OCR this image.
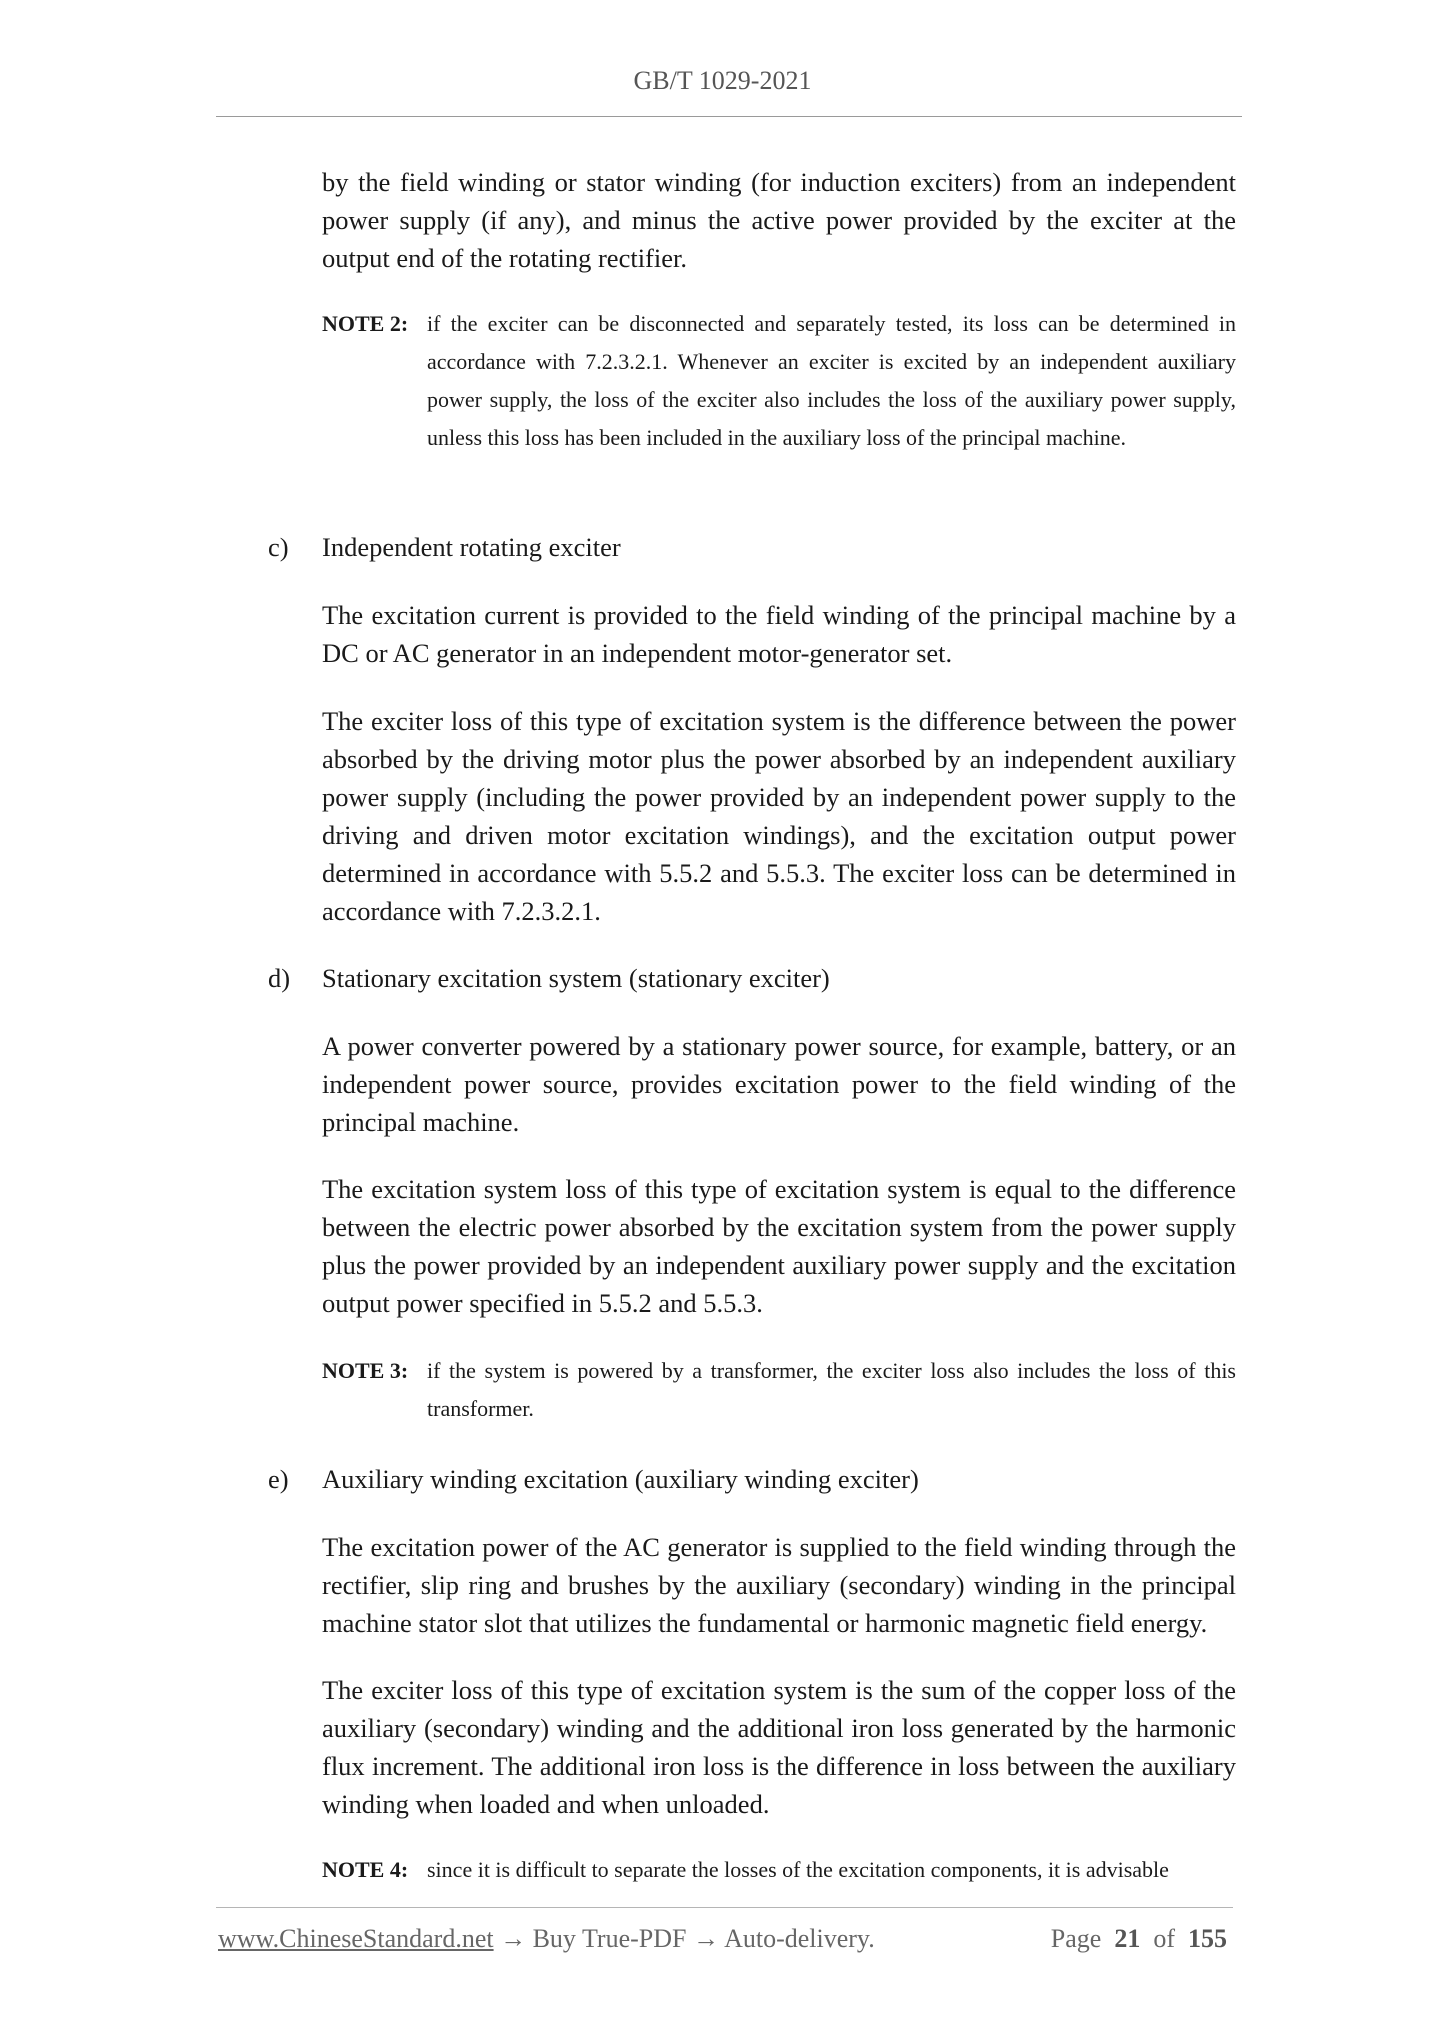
GB/T 1029-2021

by the field winding or stator winding (for induction exciters) from an independent power supply (if any), and minus the active power provided by the exciter at the output end of the rotating rectifier.

NOTE 2: if the exciter can be disconnected and separately tested, its loss can be determined in accordance with 7.2.3.2.1. Whenever an exciter is excited by an independent auxiliary power supply, the loss of the exciter also includes the loss of the auxiliary power supply, unless this loss has been included in the auxiliary loss of the principal machine.

c) Independent rotating exciter

The excitation current is provided to the field winding of the principal machine by a DC or AC generator in an independent motor-generator set.

The exciter loss of this type of excitation system is the difference between the power absorbed by the driving motor plus the power absorbed by an independent auxiliary power supply (including the power provided by an independent power supply to the driving and driven motor excitation windings), and the excitation output power determined in accordance with 5.5.2 and 5.5.3. The exciter loss can be determined in accordance with 7.2.3.2.1.

d) Stationary excitation system (stationary exciter)

A power converter powered by a stationary power source, for example, battery, or an independent power source, provides excitation power to the field winding of the principal machine.

The excitation system loss of this type of excitation system is equal to the difference between the electric power absorbed by the excitation system from the power supply plus the power provided by an independent auxiliary power supply and the excitation output power specified in 5.5.2 and 5.5.3.

NOTE 3: if the system is powered by a transformer, the exciter loss also includes the loss of this transformer.

e) Auxiliary winding excitation (auxiliary winding exciter)

The excitation power of the AC generator is supplied to the field winding through the rectifier, slip ring and brushes by the auxiliary (secondary) winding in the principal machine stator slot that utilizes the fundamental or harmonic magnetic field energy.

The exciter loss of this type of excitation system is the sum of the copper loss of the auxiliary (secondary) winding and the additional iron loss generated by the harmonic flux increment. The additional iron loss is the difference in loss between the auxiliary winding when loaded and when unloaded.

NOTE 4: since it is difficult to separate the losses of the excitation components, it is advisable

www.ChineseStandard.net → Buy True-PDF → Auto-delivery.	Page 21 of 155
